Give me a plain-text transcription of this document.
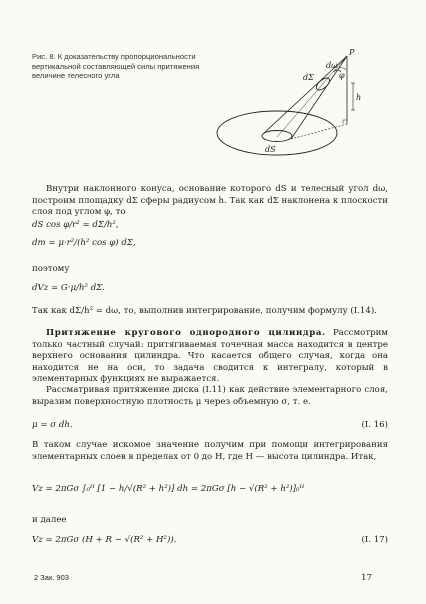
Рис. 8. К доказательству пропорциональности вертикальной составляющей силы притяжения величине телесного угла
P
h
dω
φ
dΣ
dS
Внутри наклонного конуса, основание которого dS и телесный угол dω, построим площадку dΣ сферы радиусом h. Так как dΣ наклонена к плоскости слоя под углом φ, то
dS cos φ/r² = dΣ/h²,
dm = μ·r²/(h² cos φ) dΣ,
поэтому
dVz = G·μ/h² dΣ.
Так как dΣ/h² = dω, то, выполнив интегрирование, получим формулу (I.14).
Притяжение кругового однородного цилиндра. Рассмотрим только частный случай: притягиваемая точечная масса находится в центре верхнего основания цилиндра. Что касается общего случая, когда она находится не на оси, то задача сводится к интегралу, который в элементарных функциях не выражается.
Рассматривая притяжение диска (I.11) как действие элементарного слоя, выразим поверхностную плотность μ через объемную σ, т. е.
μ = σ dh.	(I. 16)
В таком случае искомое значение получим при помощи интегрирования элементарных слоев в пределах от 0 до H, где H — высота цилиндра. Итак,
Vz = 2πGσ ∫₀ᴴ [1 − h/√(R² + h²)] dh = 2πGσ [h − √(R² + h²)]₀ᴴ
и далее
Vz = 2πGσ (H + R − √(R² + H²)).	(I. 17)
2 Зак. 903	17
